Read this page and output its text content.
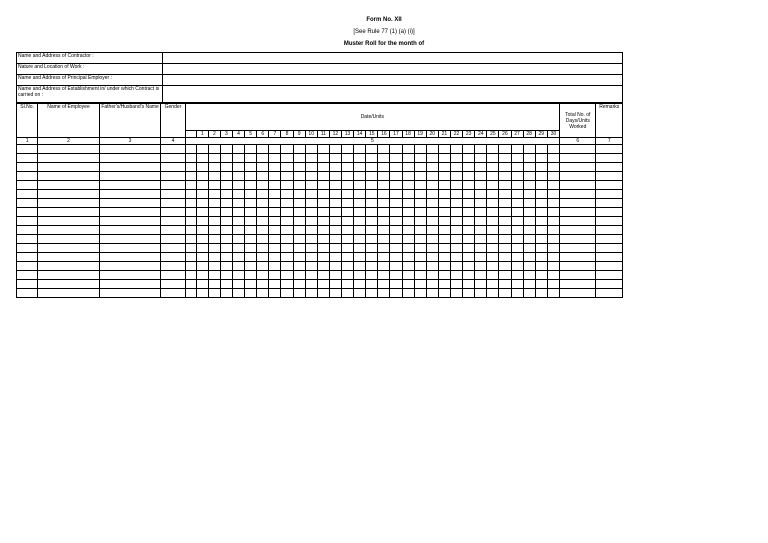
Form No. XII
[See Rule 77 (1) (a) (i)]
Muster Roll for the month of
Name and Address of Contractor :	
Nature and Location of Work :	
Name and Address of Principal Employer :	
Name and Address of Establishment in/ under which Contract is carried on :	
Sl.No.	Name of Employee	Father's/Husband's Name	Gender	Date/Units																															Total No. of Days/Units Worked	Remarks
					1	2	3	4	5	6	7	8	9	10	11	12	13	14	15	16	17	18	19	20	21	22	23	24	25	26	27	28	29	30		
1	2	3	4	5																															6	7
